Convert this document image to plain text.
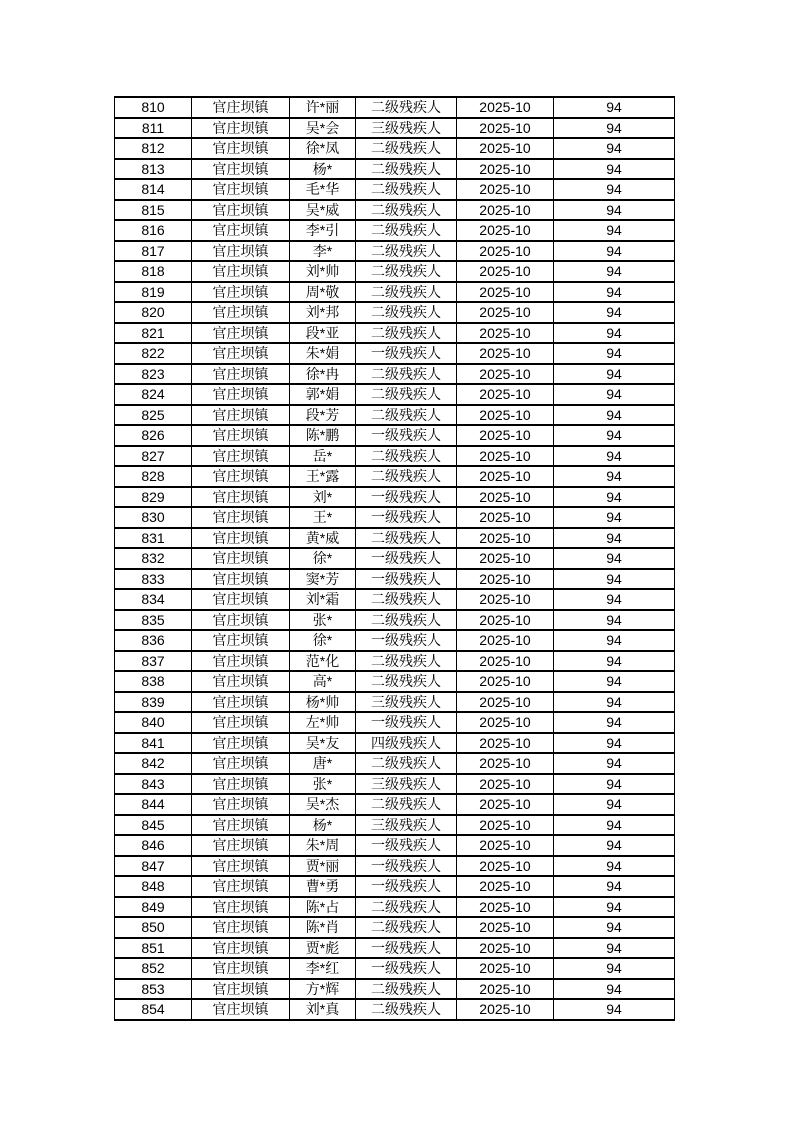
810	官庄坝镇	许*丽	二级残疾人	2025-10	94
811	官庄坝镇	吴*会	三级残疾人	2025-10	94
812	官庄坝镇	徐*凤	二级残疾人	2025-10	94
813	官庄坝镇	杨*	二级残疾人	2025-10	94
814	官庄坝镇	毛*华	二级残疾人	2025-10	94
815	官庄坝镇	吴*威	二级残疾人	2025-10	94
816	官庄坝镇	李*引	二级残疾人	2025-10	94
817	官庄坝镇	李*	二级残疾人	2025-10	94
818	官庄坝镇	刘*帅	二级残疾人	2025-10	94
819	官庄坝镇	周*敬	二级残疾人	2025-10	94
820	官庄坝镇	刘*邦	二级残疾人	2025-10	94
821	官庄坝镇	段*亚	二级残疾人	2025-10	94
822	官庄坝镇	朱*娟	一级残疾人	2025-10	94
823	官庄坝镇	徐*冉	二级残疾人	2025-10	94
824	官庄坝镇	郭*娟	二级残疾人	2025-10	94
825	官庄坝镇	段*芳	二级残疾人	2025-10	94
826	官庄坝镇	陈*鹏	一级残疾人	2025-10	94
827	官庄坝镇	岳*	二级残疾人	2025-10	94
828	官庄坝镇	王*露	二级残疾人	2025-10	94
829	官庄坝镇	刘*	一级残疾人	2025-10	94
830	官庄坝镇	王*	一级残疾人	2025-10	94
831	官庄坝镇	黄*威	二级残疾人	2025-10	94
832	官庄坝镇	徐*	一级残疾人	2025-10	94
833	官庄坝镇	窦*芳	一级残疾人	2025-10	94
834	官庄坝镇	刘*霜	二级残疾人	2025-10	94
835	官庄坝镇	张*	二级残疾人	2025-10	94
836	官庄坝镇	徐*	一级残疾人	2025-10	94
837	官庄坝镇	范*化	二级残疾人	2025-10	94
838	官庄坝镇	高*	二级残疾人	2025-10	94
839	官庄坝镇	杨*帅	三级残疾人	2025-10	94
840	官庄坝镇	左*帅	一级残疾人	2025-10	94
841	官庄坝镇	吴*友	四级残疾人	2025-10	94
842	官庄坝镇	唐*	二级残疾人	2025-10	94
843	官庄坝镇	张*	三级残疾人	2025-10	94
844	官庄坝镇	吴*杰	二级残疾人	2025-10	94
845	官庄坝镇	杨*	三级残疾人	2025-10	94
846	官庄坝镇	朱*周	一级残疾人	2025-10	94
847	官庄坝镇	贾*丽	一级残疾人	2025-10	94
848	官庄坝镇	曹*勇	一级残疾人	2025-10	94
849	官庄坝镇	陈*占	二级残疾人	2025-10	94
850	官庄坝镇	陈*肖	二级残疾人	2025-10	94
851	官庄坝镇	贾*彪	一级残疾人	2025-10	94
852	官庄坝镇	李*红	一级残疾人	2025-10	94
853	官庄坝镇	方*辉	二级残疾人	2025-10	94
854	官庄坝镇	刘*真	二级残疾人	2025-10	94
